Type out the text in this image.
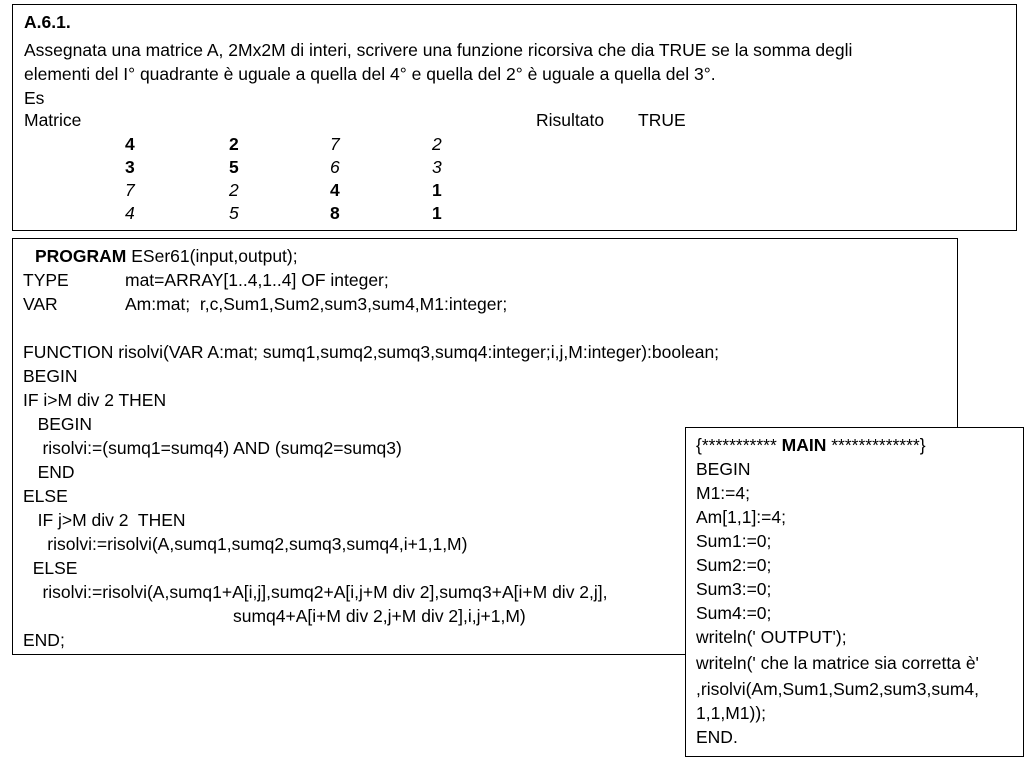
A.6.1.
Assegnata una matrice A, 2Mx2M di interi, scrivere una funzione ricorsiva che dia TRUE se la somma degli
elementi del I° quadrante è uguale a quella del 4° e quella del 2° è uguale a quella del 3°.
Es
Matrice	Risultato TRUE
4	2	7	2
3	5	6	3
7	2	4	1
4	5	8	1
PROGRAM ESer61(input,output);
TYPE	mat=ARRAY[1..4,1..4] OF integer;
VAR	Am:mat;  r,c,Sum1,Sum2,sum3,sum4,M1:integer;
FUNCTION risolvi(VAR A:mat; sumq1,sumq2,sumq3,sumq4:integer;i,j,M:integer):boolean;
BEGIN
IF i>M div 2 THEN
BEGIN
risolvi:=(sumq1=sumq4) AND (sumq2=sumq3)
END
ELSE
IF j>M div 2  THEN
risolvi:=risolvi(A,sumq1,sumq2,sumq3,sumq4,i+1,1,M)
ELSE
risolvi:=risolvi(A,sumq1+A[i,j],sumq2+A[i,j+M div 2],sumq3+A[i+M div 2,j],
sumq4+A[i+M div 2,j+M div 2],i,j+1,M)
END;
{*********** MAIN *************}
BEGIN
M1:=4;
Am[1,1]:=4;
Sum1:=0;
Sum2:=0;
Sum3:=0;
Sum4:=0;
writeln(' OUTPUT');
writeln(' che la matrice sia corretta è'
,risolvi(Am,Sum1,Sum2,sum3,sum4,
1,1,M1));
END.
